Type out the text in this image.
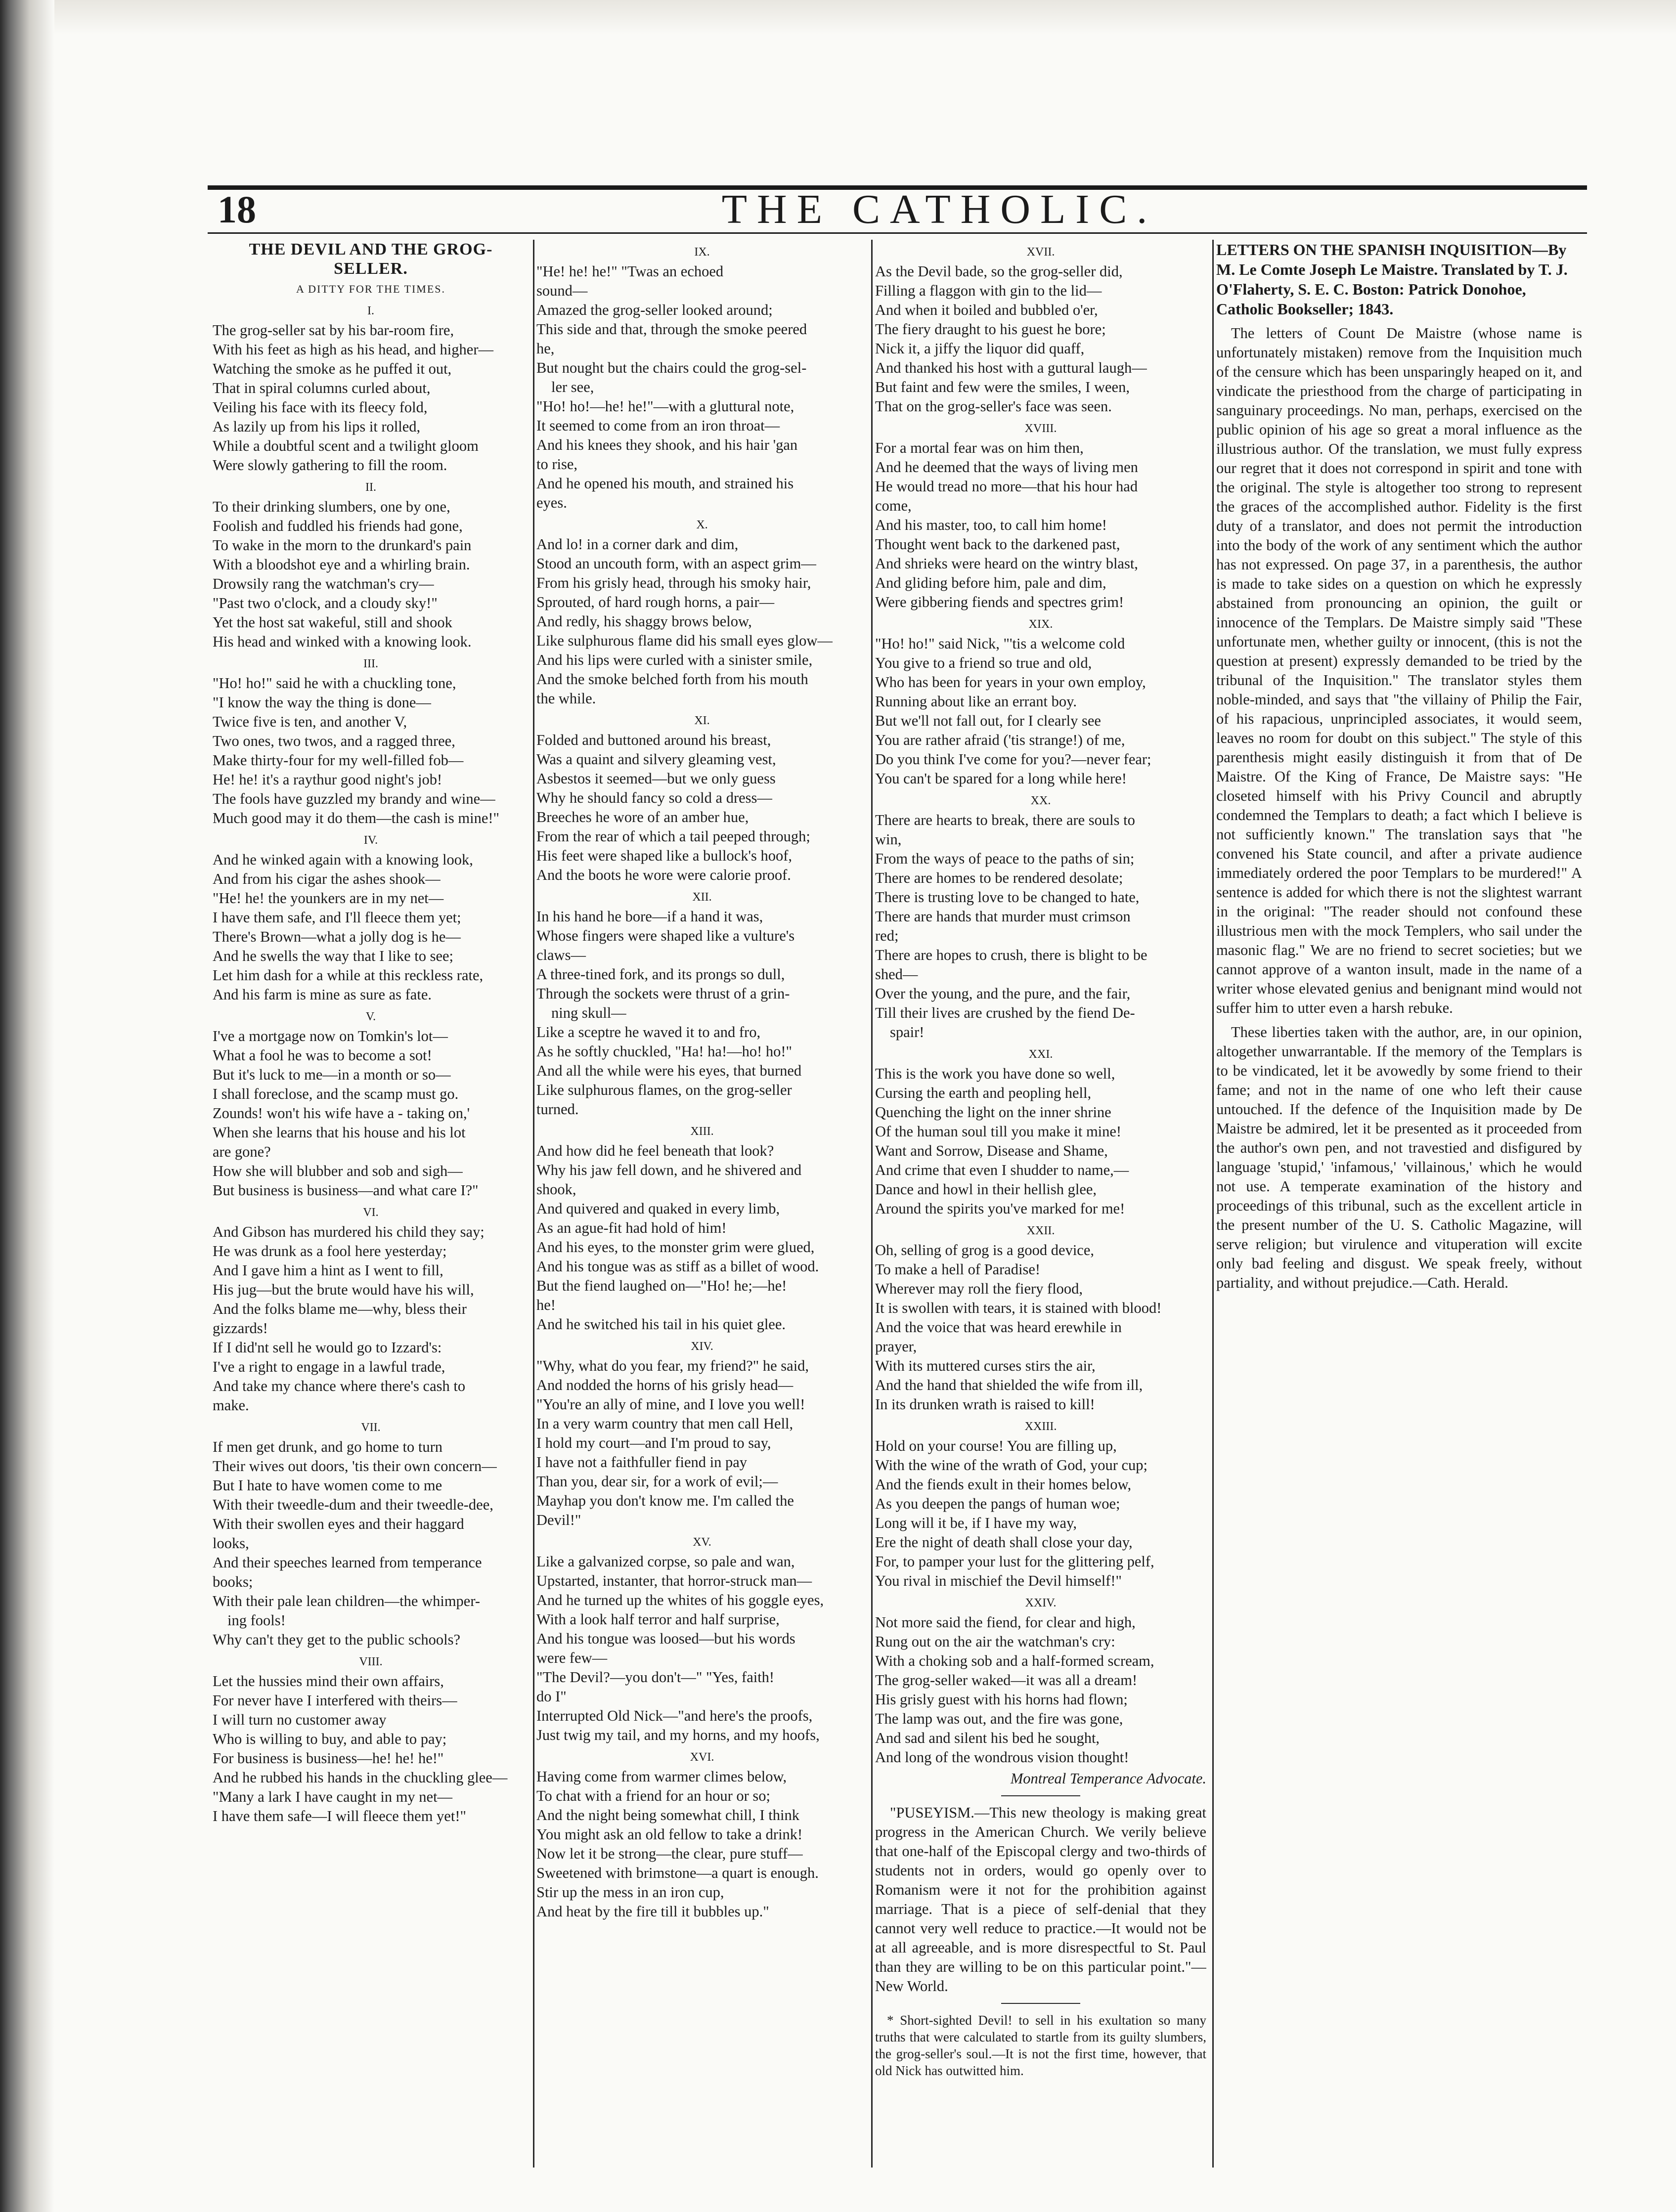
18	THE CATHOLIC.

THE DEVIL AND THE GROG-SELLER.

A DITTY FOR THE TIMES.

I.

The grog-seller sat by his bar-room fire,

With his feet as high as his head, and higher—

Watching the smoke as he puffed it out,

That in spiral columns curled about,

Veiling his face with its fleecy fold,

As lazily up from his lips it rolled,

While a doubtful scent and a twilight gloom

Were slowly gathering to fill the room.

II.

To their drinking slumbers, one by one,

Foolish and fuddled his friends had gone,

To wake in the morn to the drunkard's pain

With a bloodshot eye and a whirling brain.

Drowsily rang the watchman's cry—

"Past two o'clock, and a cloudy sky!"

Yet the host sat wakeful, still and shook

His head and winked with a knowing look.

III.

"Ho! ho!" said he with a chuckling tone,

"I know the way the thing is done—

Twice five is ten, and another V,

Two ones, two twos, and a ragged three,

Make thirty-four for my well-filled fob—

He! he! it's a raythur good night's job!

The fools have guzzled my brandy and wine—

Much good may it do them—the cash is mine!"

IV.

And he winked again with a knowing look,

And from his cigar the ashes shook—

"He! he! the younkers are in my net—

I have them safe, and I'll fleece them yet;

There's Brown—what a jolly dog is he—

And he swells the way that I like to see;

Let him dash for a while at this reckless rate,

And his farm is mine as sure as fate.

V.

I've a mortgage now on Tomkin's lot—

What a fool he was to become a sot!

But it's luck to me—in a month or so—

I shall foreclose, and the scamp must go.

Zounds! won't his wife have a - taking on,'

When she learns that his house and his lot

are gone?

How she will blubber and sob and sigh—

But business is business—and what care I?"

VI.

And Gibson has murdered his child they say;

He was drunk as a fool here yesterday;

And I gave him a hint as I went to fill,

His jug—but the brute would have his will,

And the folks blame me—why, bless their

gizzards!

If I did'nt sell he would go to Izzard's:

I've a right to engage in a lawful trade,

And take my chance where there's cash to

make.

VII.

If men get drunk, and go home to turn

Their wives out doors, 'tis their own concern—

But I hate to have women come to me

With their tweedle-dum and their tweedle-dee,

With their swollen eyes and their haggard

looks,

And their speeches learned from temperance

books;

With their pale lean children—the whimper-

ing fools!

Why can't they get to the public schools?

VIII.

Let the hussies mind their own affairs,

For never have I interfered with theirs—

I will turn no customer away

Who is willing to buy, and able to pay;

For business is business—he! he! he!"

And he rubbed his hands in the chuckling glee—

"Many a lark I have caught in my net—

I have them safe—I will fleece them yet!"

IX.

"He! he! he!" "Twas an echoed

sound—

Amazed the grog-seller looked around;

This side and that, through the smoke peered

he,

But nought but the chairs could the grog-sel-

ler see,

"Ho! ho!—he! he!"—with a gluttural note,

It seemed to come from an iron throat—

And his knees they shook, and his hair 'gan

to rise,

And he opened his mouth, and strained his

eyes.

X.

And lo! in a corner dark and dim,

Stood an uncouth form, with an aspect grim—

From his grisly head, through his smoky hair,

Sprouted, of hard rough horns, a pair—

And redly, his shaggy brows below,

Like sulphurous flame did his small eyes glow—

And his lips were curled with a sinister smile,

And the smoke belched forth from his mouth

the while.

XI.

Folded and buttoned around his breast,

Was a quaint and silvery gleaming vest,

Asbestos it seemed—but we only guess

Why he should fancy so cold a dress—

Breeches he wore of an amber hue,

From the rear of which a tail peeped through;

His feet were shaped like a bullock's hoof,

And the boots he wore were calorie proof.

XII.

In his hand he bore—if a hand it was,

Whose fingers were shaped like a vulture's

claws—

A three-tined fork, and its prongs so dull,

Through the sockets were thrust of a grin-

ning skull—

Like a sceptre he waved it to and fro,

As he softly chuckled, "Ha! ha!—ho! ho!"

And all the while were his eyes, that burned

Like sulphurous flames, on the grog-seller

turned.

XIII.

And how did he feel beneath that look?

Why his jaw fell down, and he shivered and

shook,

And quivered and quaked in every limb,

As an ague-fit had hold of him!

And his eyes, to the monster grim were glued,

And his tongue was as stiff as a billet of wood.

But the fiend laughed on—"Ho! he;—he!

he!

And he switched his tail in his quiet glee.

XIV.

"Why, what do you fear, my friend?" he said,

And nodded the horns of his grisly head—

"You're an ally of mine, and I love you well!

In a very warm country that men call Hell,

I hold my court—and I'm proud to say,

I have not a faithfuller fiend in pay

Than you, dear sir, for a work of evil;—

Mayhap you don't know me. I'm called the

Devil!"

XV.

Like a galvanized corpse, so pale and wan,

Upstarted, instanter, that horror-struck man—

And he turned up the whites of his goggle eyes,

With a look half terror and half surprise,

And his tongue was loosed—but his words

were few—

"The Devil?—you don't—" "Yes, faith!

do I"

Interrupted Old Nick—"and here's the proofs,

Just twig my tail, and my horns, and my hoofs,

XVI.

Having come from warmer climes below,

To chat with a friend for an hour or so;

And the night being somewhat chill, I think

You might ask an old fellow to take a drink!

Now let it be strong—the clear, pure stuff—

Sweetened with brimstone—a quart is enough.

Stir up the mess in an iron cup,

And heat by the fire till it bubbles up."

XVII.

As the Devil bade, so the grog-seller did,

Filling a flaggon with gin to the lid—

And when it boiled and bubbled o'er,

The fiery draught to his guest he bore;

Nick it, a jiffy the liquor did quaff,

And thanked his host with a guttural laugh—

But faint and few were the smiles, I ween,

That on the grog-seller's face was seen.

XVIII.

For a mortal fear was on him then,

And he deemed that the ways of living men

He would tread no more—that his hour had

come,

And his master, too, to call him home!

Thought went back to the darkened past,

And shrieks were heard on the wintry blast,

And gliding before him, pale and dim,

Were gibbering fiends and spectres grim!

XIX.

"Ho! ho!" said Nick, "'tis a welcome cold

You give to a friend so true and old,

Who has been for years in your own employ,

Running about like an errant boy.

But we'll not fall out, for I clearly see

You are rather afraid ('tis strange!) of me,

Do you think I've come for you?—never fear;

You can't be spared for a long while here!

XX.

There are hearts to break, there are souls to

win,

From the ways of peace to the paths of sin;

There are homes to be rendered desolate;

There is trusting love to be changed to hate,

There are hands that murder must crimson

red;

There are hopes to crush, there is blight to be

shed—

Over the young, and the pure, and the fair,

Till their lives are crushed by the fiend De-

spair!

XXI.

This is the work you have done so well,

Cursing the earth and peopling hell,

Quenching the light on the inner shrine

Of the human soul till you make it mine!

Want and Sorrow, Disease and Shame,

And crime that even I shudder to name,—

Dance and howl in their hellish glee,

Around the spirits you've marked for me!

XXII.

Oh, selling of grog is a good device,

To make a hell of Paradise!

Wherever may roll the fiery flood,

It is swollen with tears, it is stained with blood!

And the voice that was heard erewhile in

prayer,

With its muttered curses stirs the air,

And the hand that shielded the wife from ill,

In its drunken wrath is raised to kill!

XXIII.

Hold on your course! You are filling up,

With the wine of the wrath of God, your cup;

And the fiends exult in their homes below,

As you deepen the pangs of human woe;

Long will it be, if I have my way,

Ere the night of death shall close your day,

For, to pamper your lust for the glittering pelf,

You rival in mischief the Devil himself!"

XXIV.

Not more said the fiend, for clear and high,

Rung out on the air the watchman's cry:

With a choking sob and a half-formed scream,

The grog-seller waked—it was all a dream!

His grisly guest with his horns had flown;

The lamp was out, and the fire was gone,

And sad and silent his bed he sought,

And long of the wondrous vision thought!

Montreal Temperance Advocate.

"PUSEYISM.—This new theology is making great progress in the American Church. We verily believe that one-half of the Episcopal clergy and two-thirds of students not in orders, would go openly over to Romanism were it not for the prohibition against marriage. That is a piece of self-denial that they cannot very well reduce to practice.—It would not be at all agreeable, and is more disrespectful to St. Paul than they are willing to be on this particular point."—New World.

* Short-sighted Devil! to sell in his exultation so many truths that were calculated to startle from its guilty slumbers, the grog-seller's soul.—It is not the first time, however, that old Nick has outwitted him.

LETTERS ON THE SPANISH INQUISITION—By M. Le Comte Joseph Le Maistre. Translated by T. J. O'Flaherty, S. E. C. Boston: Patrick Donohoe, Catholic Bookseller; 1843.

The letters of Count De Maistre (whose name is unfortunately mistaken) remove from the Inquisition much of the censure which has been unsparingly heaped on it, and vindicate the priesthood from the charge of participating in sanguinary proceedings. No man, perhaps, exercised on the public opinion of his age so great a moral influence as the illustrious author. Of the translation, we must fully express our regret that it does not correspond in spirit and tone with the original. The style is altogether too strong to represent the graces of the accomplished author. Fidelity is the first duty of a translator, and does not permit the introduction into the body of the work of any sentiment which the author has not expressed. On page 37, in a parenthesis, the author is made to take sides on a question on which he expressly abstained from pronouncing an opinion, the guilt or innocence of the Templars. De Maistre simply said "These unfortunate men, whether guilty or innocent, (this is not the question at present) expressly demanded to be tried by the tribunal of the Inquisition." The translator styles them noble-minded, and says that "the villainy of Philip the Fair, of his rapacious, unprincipled associates, it would seem, leaves no room for doubt on this subject." The style of this parenthesis might easily distinguish it from that of De Maistre. Of the King of France, De Maistre says: "He closeted himself with his Privy Council and abruptly condemned the Templars to death; a fact which I believe is not sufficiently known." The translation says that "he convened his State council, and after a private audience immediately ordered the poor Templars to be murdered!" A sentence is added for which there is not the slightest warrant in the original: "The reader should not confound these illustrious men with the mock Templers, who sail under the masonic flag." We are no friend to secret societies; but we cannot approve of a wanton insult, made in the name of a writer whose elevated genius and benignant mind would not suffer him to utter even a harsh rebuke.

These liberties taken with the author, are, in our opinion, altogether unwarrantable. If the memory of the Templars is to be vindicated, let it be avowedly by some friend to their fame; and not in the name of one who left their cause untouched. If the defence of the Inquisition made by De Maistre be admired, let it be presented as it proceeded from the author's own pen, and not travestied and disfigured by language 'stupid,' 'infamous,' 'villainous,' which he would not use. A temperate examination of the history and proceedings of this tribunal, such as the excellent article in the present number of the U. S. Catholic Magazine, will serve religion; but virulence and vituperation will excite only bad feeling and disgust. We speak freely, without partiality, and without prejudice.—Cath. Herald.
